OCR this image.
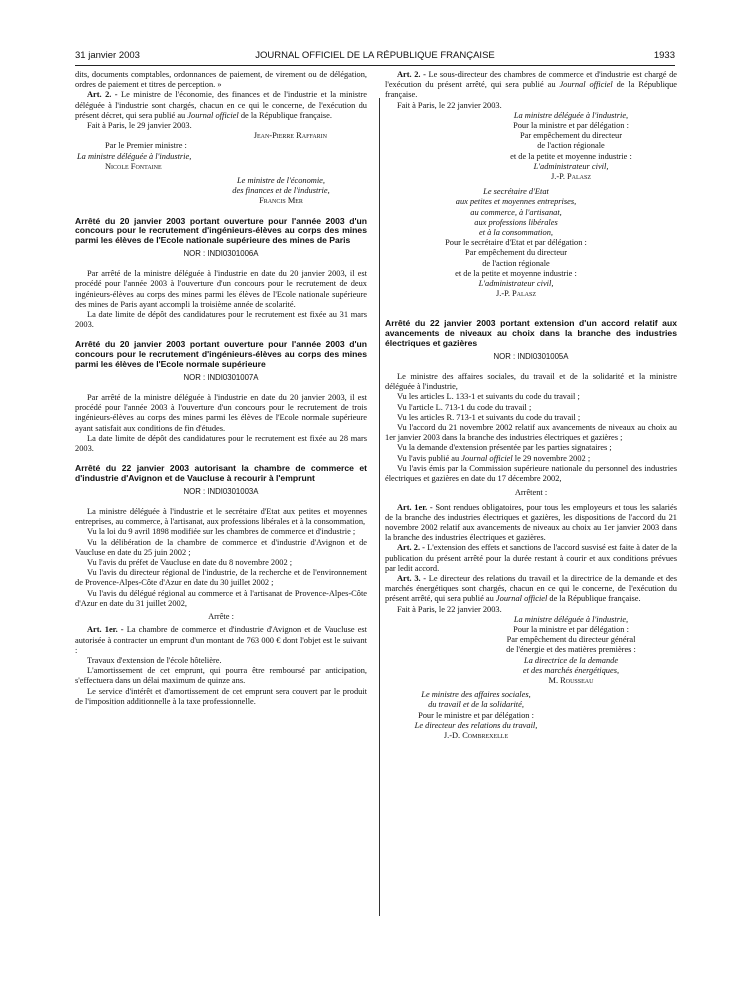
31 janvier 2003	JOURNAL OFFICIEL DE LA RÉPUBLIQUE FRANÇAISE	1933

dits, documents comptables, ordonnances de paiement, de virement ou de délégation, ordres de paiement et titres de perception. »

Art. 2. - Le ministre de l'économie, des finances et de l'industrie et la ministre déléguée à l'industrie sont chargés, chacun en ce qui le concerne, de l'exécution du présent décret, qui sera publié au Journal officiel de la République française.

Fait à Paris, le 29 janvier 2003.

Jean-Pierre Raffarin
Par le Premier ministre :
La ministre déléguée à l'industrie,
Nicole Fontaine
Le ministre de l'économie,
des finances et de l'industrie,
Francis Mer

Arrêté du 20 janvier 2003 portant ouverture pour l'année 2003 d'un concours pour le recrutement d'ingénieurs-élèves au corps des mines parmi les élèves de l'Ecole nationale supérieure des mines de Paris

NOR : INDI0301006A

Par arrêté de la ministre déléguée à l'industrie en date du 20 janvier 2003, il est procédé pour l'année 2003 à l'ouverture d'un concours pour le recrutement de deux ingénieurs-élèves au corps des mines parmi les élèves de l'Ecole nationale supérieure des mines de Paris ayant accompli la troisième année de scolarité.

La date limite de dépôt des candidatures pour le recrutement est fixée au 31 mars 2003.

Arrêté du 20 janvier 2003 portant ouverture pour l'année 2003 d'un concours pour le recrutement d'ingénieurs-élèves au corps des mines parmi les élèves de l'Ecole normale supérieure

NOR : INDI0301007A

Par arrêté de la ministre déléguée à l'industrie en date du 20 janvier 2003, il est procédé pour l'année 2003 à l'ouverture d'un concours pour le recrutement de trois ingénieurs-élèves au corps des mines parmi les élèves de l'Ecole normale supérieure ayant satisfait aux conditions de fin d'études.

La date limite de dépôt des candidatures pour le recrutement est fixée au 28 mars 2003.

Arrêté du 22 janvier 2003 autorisant la chambre de commerce et d'industrie d'Avignon et de Vaucluse à recourir à l'emprunt

NOR : INDI0301003A

La ministre déléguée à l'industrie et le secrétaire d'Etat aux petites et moyennes entreprises, au commerce, à l'artisanat, aux professions libérales et à la consommation,

Vu la loi du 9 avril 1898 modifiée sur les chambres de commerce et d'industrie ;

Vu la délibération de la chambre de commerce et d'industrie d'Avignon et de Vaucluse en date du 25 juin 2002 ;

Vu l'avis du préfet de Vaucluse en date du 8 novembre 2002 ;

Vu l'avis du directeur régional de l'industrie, de la recherche et de l'environnement de Provence-Alpes-Côte d'Azur en date du 30 juillet 2002 ;

Vu l'avis du délégué régional au commerce et à l'artisanat de Provence-Alpes-Côte d'Azur en date du 31 juillet 2002,

Arrête :

Art. 1er. - La chambre de commerce et d'industrie d'Avignon et de Vaucluse est autorisée à contracter un emprunt d'un montant de 763 000 € dont l'objet est le suivant :

Travaux d'extension de l'école hôtelière.

L'amortissement de cet emprunt, qui pourra être remboursé par anticipation, s'effectuera dans un délai maximum de quinze ans.

Le service d'intérêt et d'amortissement de cet emprunt sera couvert par le produit de l'imposition additionnelle à la taxe professionnelle.

Art. 2. - Le sous-directeur des chambres de commerce et d'industrie est chargé de l'exécution du présent arrêté, qui sera publié au Journal officiel de la République française.

Fait à Paris, le 22 janvier 2003.

La ministre déléguée à l'industrie,
Pour la ministre et par délégation :
Par empêchement du directeur
de l'action régionale
et de la petite et moyenne industrie :
L'administrateur civil,
J.-P. Palasz
Le secrétaire d'Etat
aux petites et moyennes entreprises,
au commerce, à l'artisanat,
aux professions libérales
et à la consommation,
Pour le secrétaire d'Etat et par délégation :
Par empêchement du directeur
de l'action régionale
et de la petite et moyenne industrie :
L'administrateur civil,
J.-P. Palasz

Arrêté du 22 janvier 2003 portant extension d'un accord relatif aux avancements de niveaux au choix dans la branche des industries électriques et gazières

NOR : INDI0301005A

Le ministre des affaires sociales, du travail et de la solidarité et la ministre déléguée à l'industrie,

Vu les articles L. 133-1 et suivants du code du travail ;

Vu l'article L. 713-1 du code du travail ;

Vu les articles R. 713-1 et suivants du code du travail ;

Vu l'accord du 21 novembre 2002 relatif aux avancements de niveaux au choix au 1er janvier 2003 dans la branche des industries électriques et gazières ;

Vu la demande d'extension présentée par les parties signataires ;

Vu l'avis publié au Journal officiel le 29 novembre 2002 ;

Vu l'avis émis par la Commission supérieure nationale du personnel des industries électriques et gazières en date du 17 décembre 2002,

Arrêtent :

Art. 1er. - Sont rendues obligatoires, pour tous les employeurs et tous les salariés de la branche des industries électriques et gazières, les dispositions de l'accord du 21 novembre 2002 relatif aux avancements de niveaux au choix au 1er janvier 2003 dans la branche des industries électriques et gazières.

Art. 2. - L'extension des effets et sanctions de l'accord susvisé est faite à dater de la publication du présent arrêté pour la durée restant à courir et aux conditions prévues par ledit accord.

Art. 3. - Le directeur des relations du travail et la directrice de la demande et des marchés énergétiques sont chargés, chacun en ce qui le concerne, de l'exécution du présent arrêté, qui sera publié au Journal officiel de la République française.

Fait à Paris, le 22 janvier 2003.

La ministre déléguée à l'industrie,
Pour la ministre et par délégation :
Par empêchement du directeur général
de l'énergie et des matières premières :
La directrice de la demande
et des marchés énergétiques,
M. Rousseau
Le ministre des affaires sociales,
du travail et de la solidarité,
Pour le ministre et par délégation :
Le directeur des relations du travail,
J.-D. Combrexelle
